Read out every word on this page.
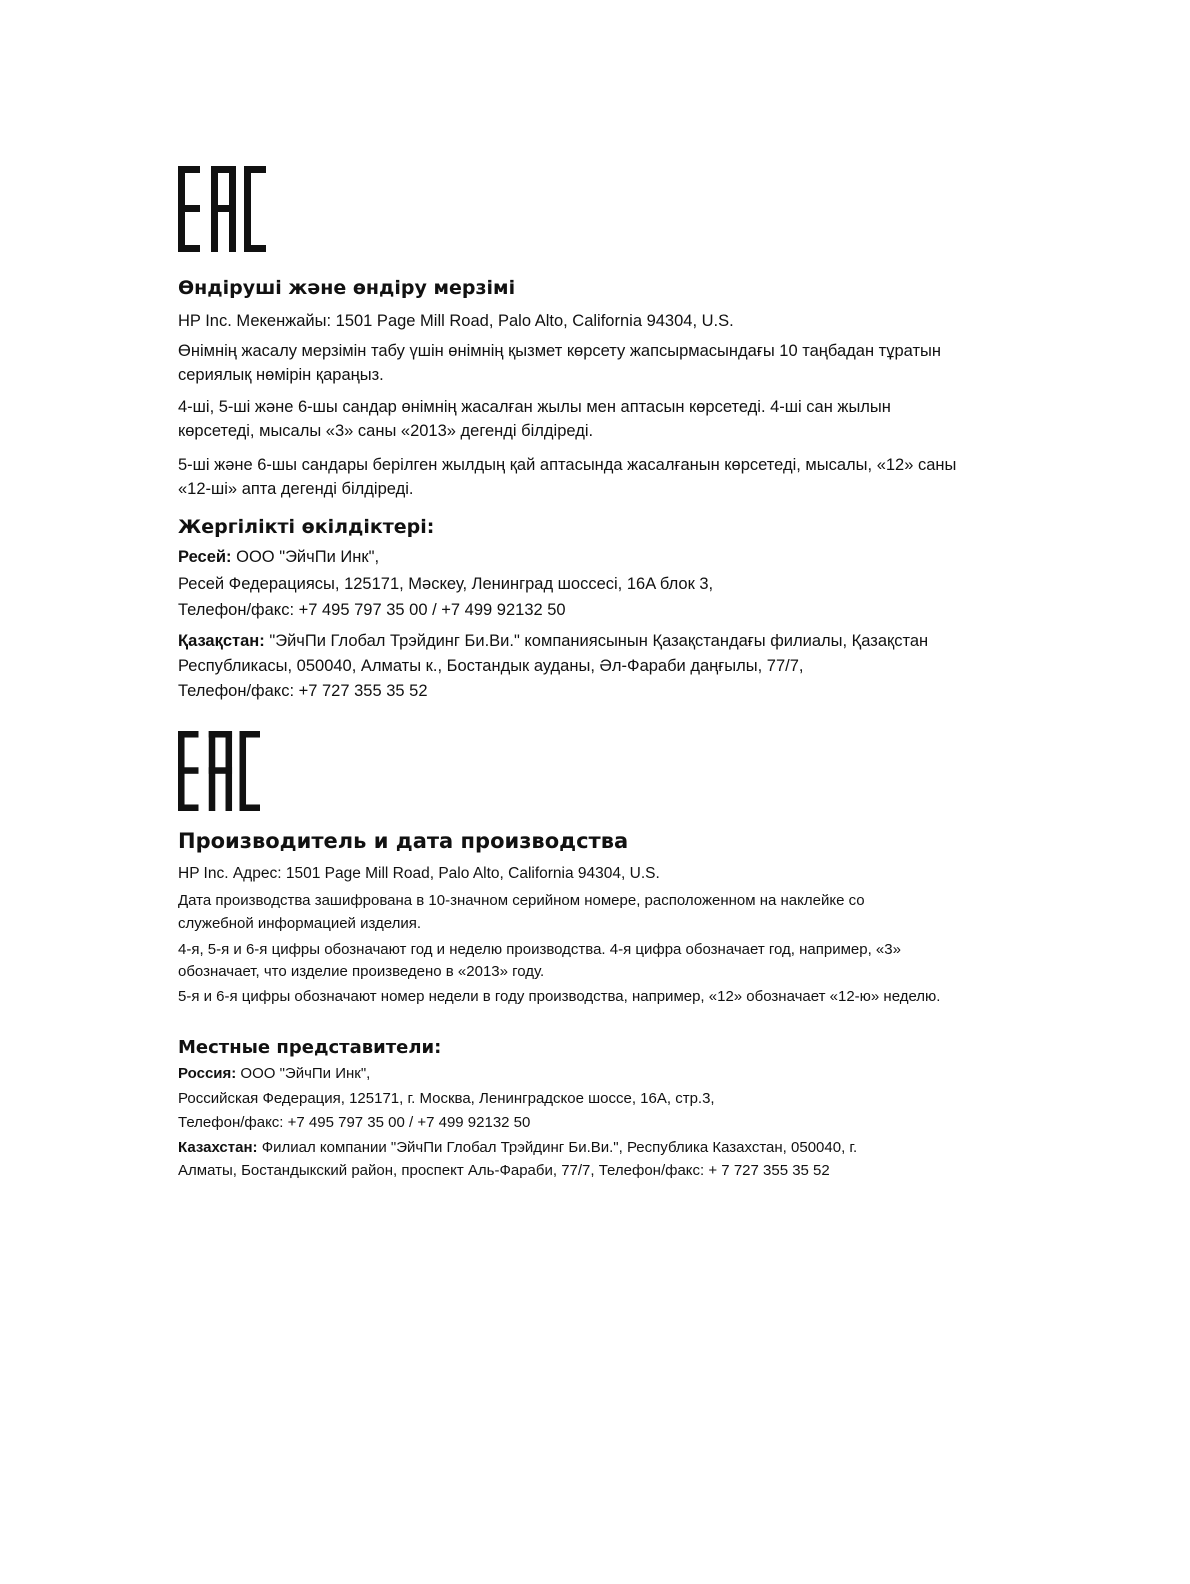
Өндіруші және өндіру мерзімі

HP Inc. Мекенжайы: 1501 Page Mill Road, Palo Alto, California 94304, U.S.

Өнімнің жасалу мерзімін табу үшін өнімнің қызмет көрсету жапсырмасындағы 10 таңбадан тұратын

сериялық нөмірін қараңыз.

4-ші, 5-ші және 6-шы сандар өнімнің жасалған жылы мен аптасын көрсетеді. 4-ші сан жылын

көрсетеді, мысалы «3» саны «2013» дегенді білдіреді.

5-ші және 6-шы сандары берілген жылдың қай аптасында жасалғанын көрсетеді, мысалы, «12» саны

«12-ші» апта дегенді білдіреді.

Жергілікті өкілдіктері:

Ресей: ООО "ЭйчПи Инк",

Ресей Федерациясы, 125171, Мәскеу, Ленинград шоссесі, 16A блок 3,

Телефон/факс: +7 495 797 35 00 / +7 499 92132 50

Қазақстан: "ЭйчПи Глобал Трэйдинг Би.Ви." компаниясынын Қазақстандағы филиалы, Қазақстан

Республикасы, 050040, Алматы к., Бостандык ауданы, Әл-Фараби даңғылы, 77/7,

Телефон/факс: +7 727 355 35 52

Производитель и дата производства

HP Inc. Адрес: 1501 Page Mill Road, Palo Alto, California 94304, U.S.

Дата производства зашифрована в 10-значном серийном номере, расположенном на наклейке со

служебной информацией изделия.

4-я, 5-я и 6-я цифры обозначают год и неделю производства. 4-я цифра обозначает год, например, «3»

обозначает, что изделие произведено в «2013» году.

5-я и 6-я цифры обозначают номер недели в году производства, например, «12» обозначает «12-ю» неделю.

Местные представители:

Россия: ООО "ЭйчПи Инк",

Российская Федерация, 125171, г. Москва, Ленинградское шоссе, 16A, стр.3,

Телефон/факс: +7 495 797 35 00 / +7 499 92132 50

Казахстан: Филиал компании "ЭйчПи Глобал Трэйдинг Би.Ви.", Республика Казахстан, 050040, г.

Алматы, Бостандыкский район, проспект Аль-Фараби, 77/7, Телефон/факс: + 7 727 355 35 52
